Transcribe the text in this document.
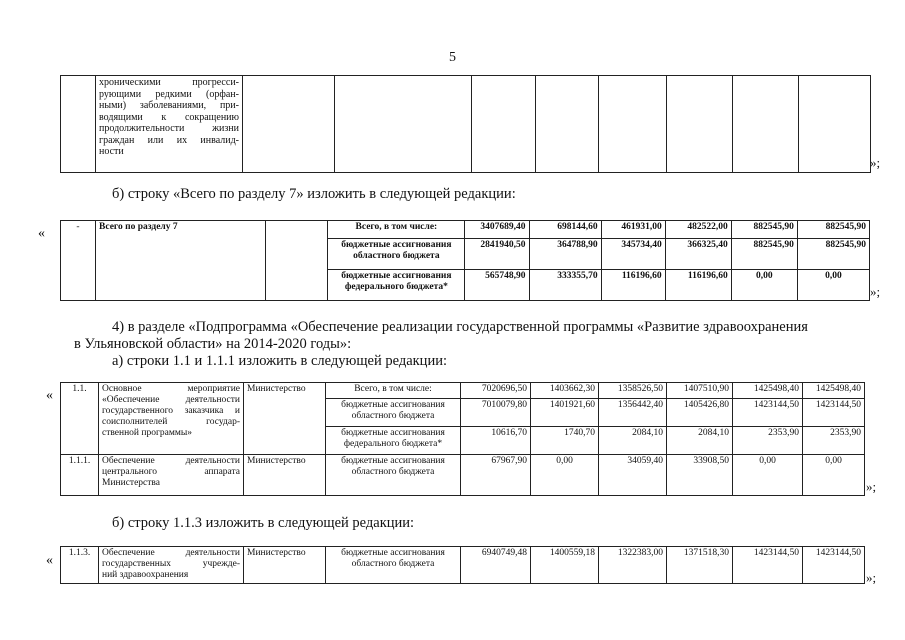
5
	хроническими прогресси-
рующими редкими (орфан-
ными) заболеваниями, при-
водящими к сокращению
продолжительности жизни
граждан или их инвалид-

ности

»;
б) строку «Всего по разделу 7» изложить в следующей редакции:
«	-	Всего по разделу 7		Всего, в том числе:	3407689,40	698144,60	461931,00	482522,00	882545,90	882545,90
			бюджетные ассигнования областного бюджета	2841940,50	364788,90	345734,40	366325,40	882545,90	882545,90
			бюджетные ассигнования федерального бюджета*	565748,90	333355,70	116196,60	116196,60	0,00	0,00
»;
4) в разделе «Подпрограмма «Обеспечение реализации государственной программы «Развитие здравоохранения
в Ульяновской области» на 2014-2020 годы»:
а) строки 1.1 и 1.1.1 изложить в следующей редакции:
« 1.1.	Основное мероприятие
«Обеспечение деятельности
государственного заказчика и
соисполнителей государ-

ственной программы»	Министерство	Всего, в том числе:	7020696,50	1403662,30	1358526,50	1407510,90	1425498,40	1425498,40
			бюджетные ассигнования областного бюджета	7010079,80	1401921,60	1356442,40	1405426,80	1423144,50	1423144,50
			бюджетные ассигнования федерального бюджета*	10616,70	1740,70	2084,10	2084,10	2353,90	2353,90
1.1.1.	Обеспечение деятельности
центрального аппарата

Министерства	Министерство	бюджетные ассигнования областного бюджета	67967,90	0,00	34059,40	33908,50	0,00	0,00
»;
б) строку 1.1.3 изложить в следующей редакции:
« 1.1.3.	Обеспечение деятельности
государственных учрежде-

ний здравоохранения
	Министерство	бюджетные ассигнования областного бюджета	6940749,48	1400559,18	1322383,00	1371518,30	1423144,50	1423144,50
»;
